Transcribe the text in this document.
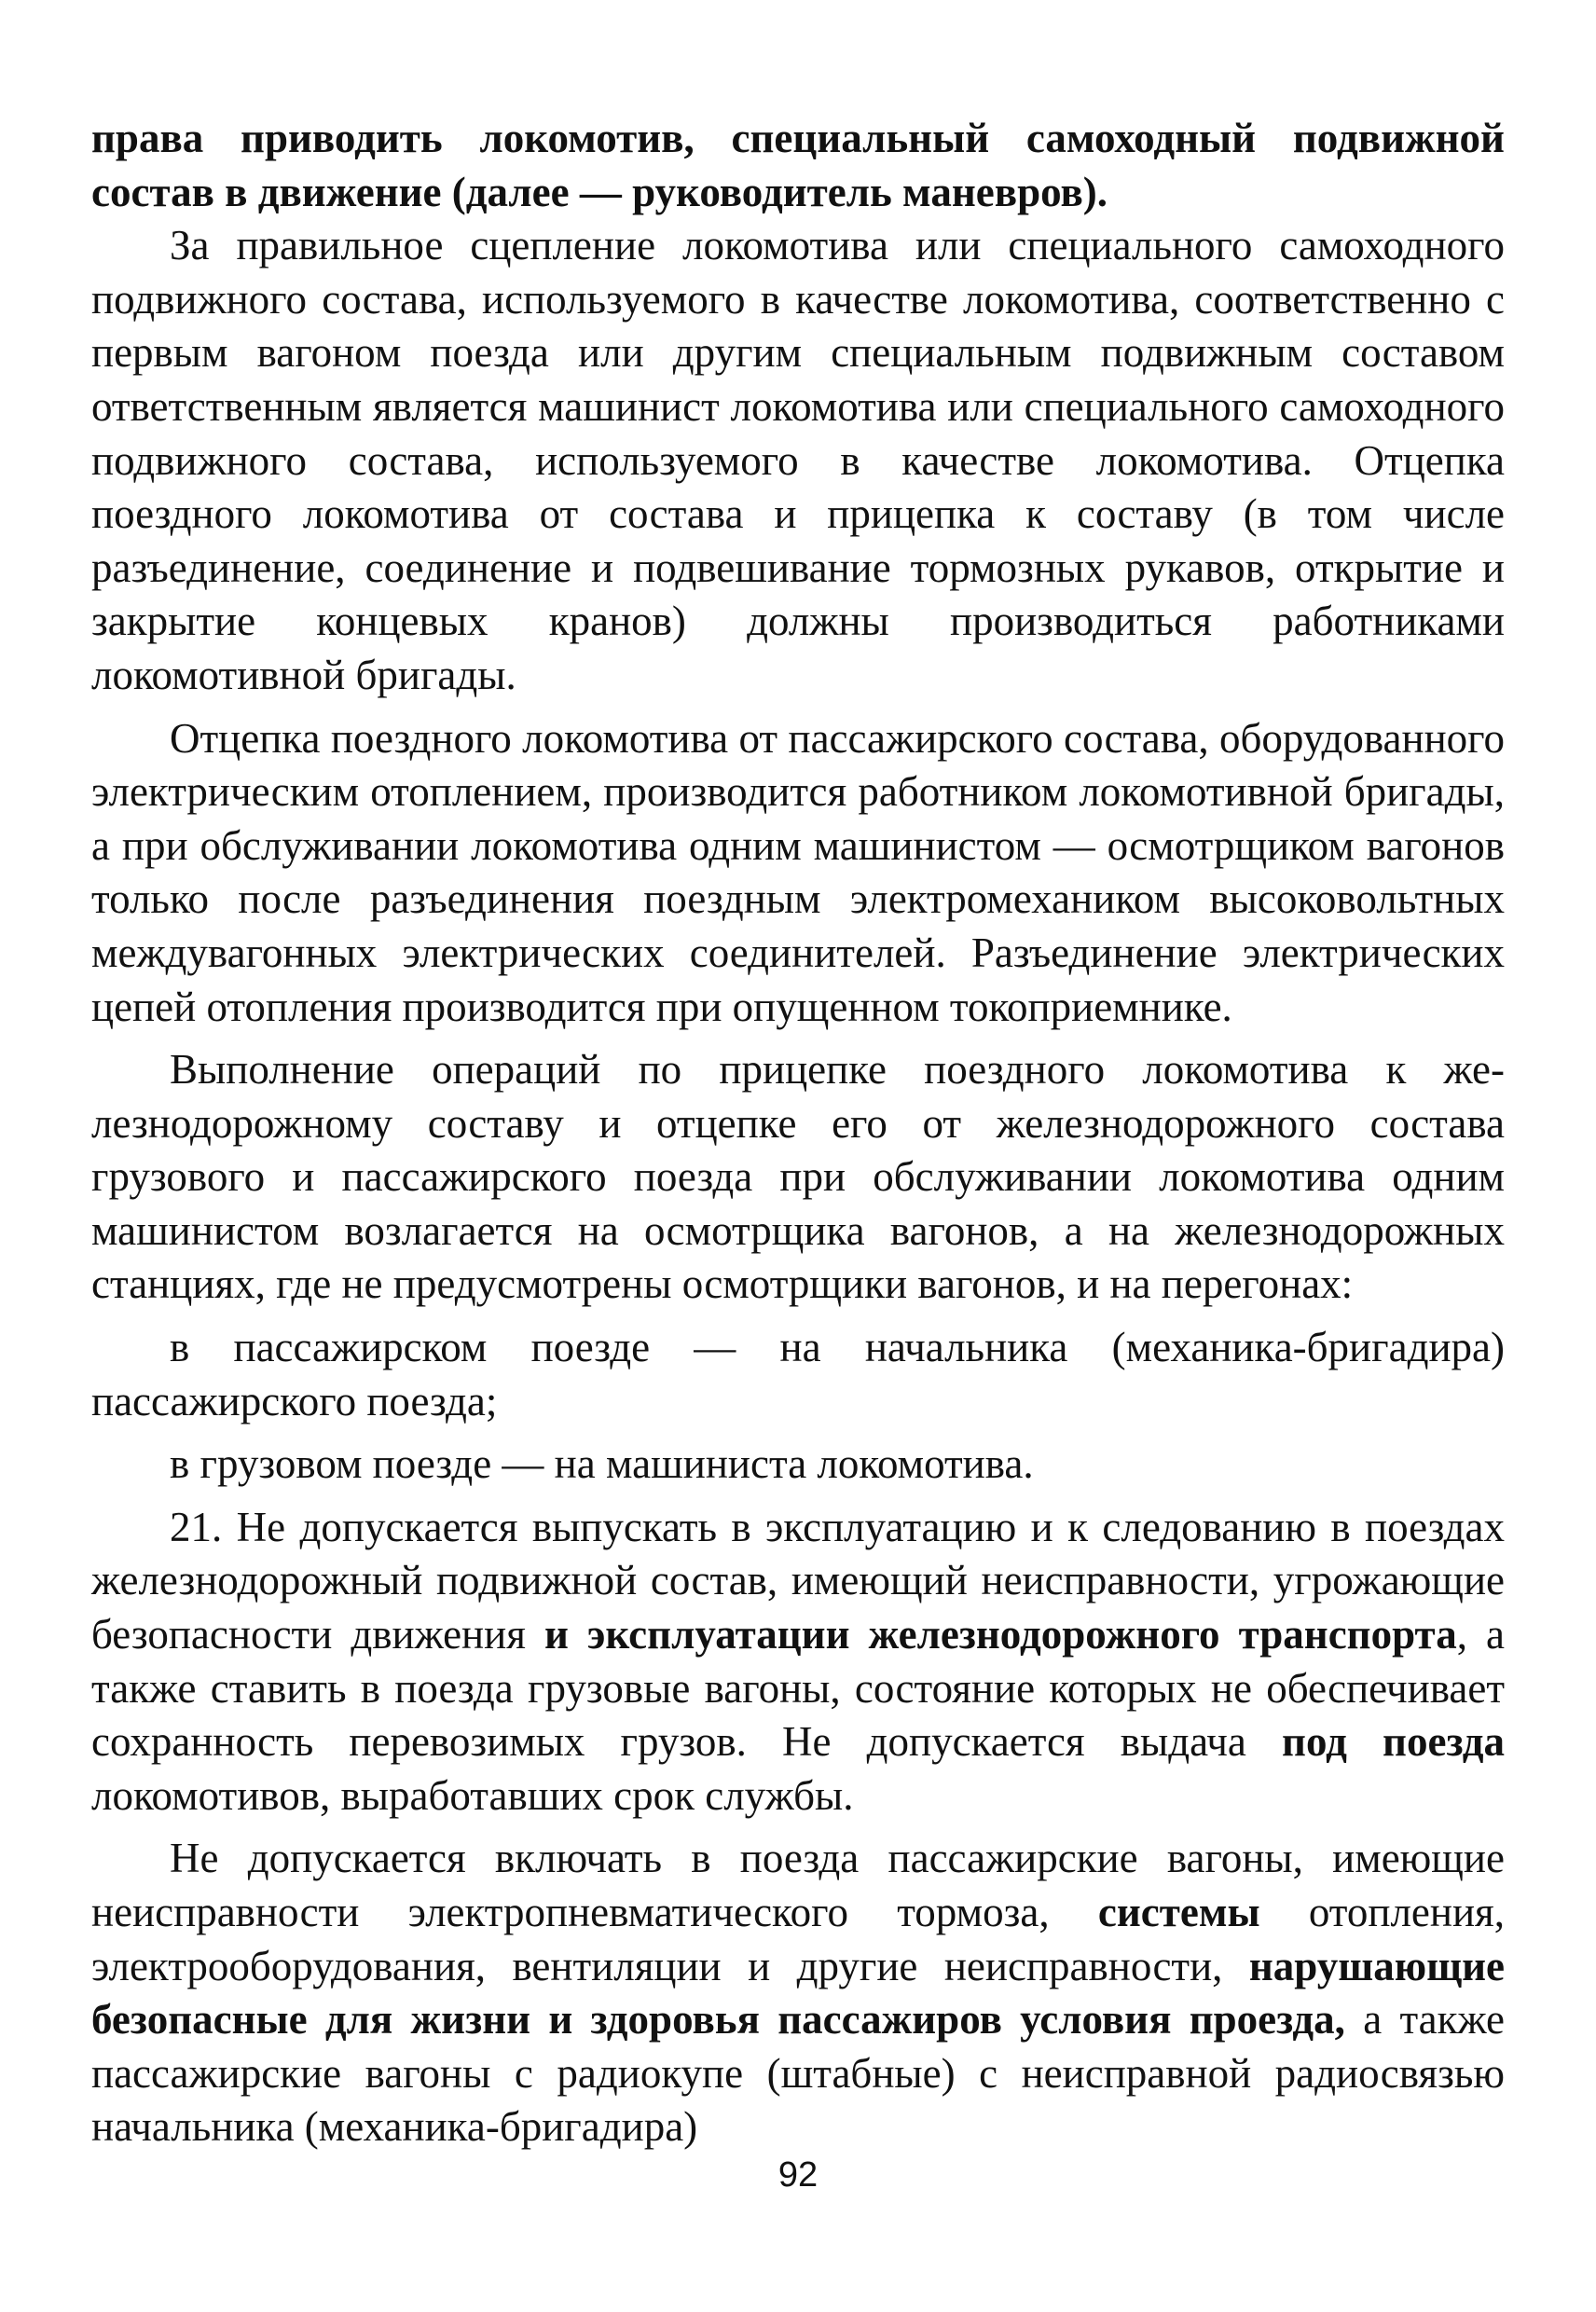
права приводить локомотив, специальный самоходный подвижной состав в движение (далее — руководитель маневров).

За правильное сцепление локомотива или специального самоходного подвижного состава, используемого в качестве локомотива, соответственно с первым вагоном поезда или другим специальным подвижным составом ответственным является машинист локомотива или специального самоходного подвижного состава, используемого в качестве локомотива. Отцепка поездного локомотива от состава и прицепка к составу (в том числе разъединение, соединение и подвешивание тормозных рукавов, открытие и закрытие концевых кранов) должны производиться работниками локомотивной бригады.

Отцепка поездного локомотива от пассажирского состава, оборудованного электрическим отоплением, производится работником локомотивной бригады, а при обслуживании локомотива одним машинистом — осмотрщиком вагонов только после разъединения поездным электромехаником высоковольтных междувагонных электрических соединителей. Разъединение электрических цепей отопления производится при опущенном токоприемнике.

Выполнение операций по прицепке поездного локомотива к железнодорожному составу и отцепке его от железнодорожного состава грузового и пассажирского поезда при обслуживании локомотива одним машинистом возлагается на осмотрщика вагонов, а на железнодорожных станциях, где не предусмотрены осмотрщики вагонов, и на перегонах:

в пассажирском поезде — на начальника (механика-бригадира) пассажирского поезда;

в грузовом поезде — на машиниста локомотива.

21. Не допускается выпускать в эксплуатацию и к следованию в поездах железнодорожный подвижной состав, имеющий неисправности, угрожающие безопасности движения и эксплуатации железнодорожного транспорта, а также ставить в поезда грузовые вагоны, состояние которых не обеспечивает сохранность перевозимых грузов. Не допускается выдача под поезда локомотивов, выработавших срок службы.

Не допускается включать в поезда пассажирские вагоны, имеющие неисправности электропневматического тормоза, системы отопления, электрооборудования, вентиляции и другие неисправности, нарушающие безопасные для жизни и здоровья пассажиров условия проезда, а также пассажирские вагоны с радиокупе (штабные) с неисправной радиосвязью начальника (механика-бригадира)

92
